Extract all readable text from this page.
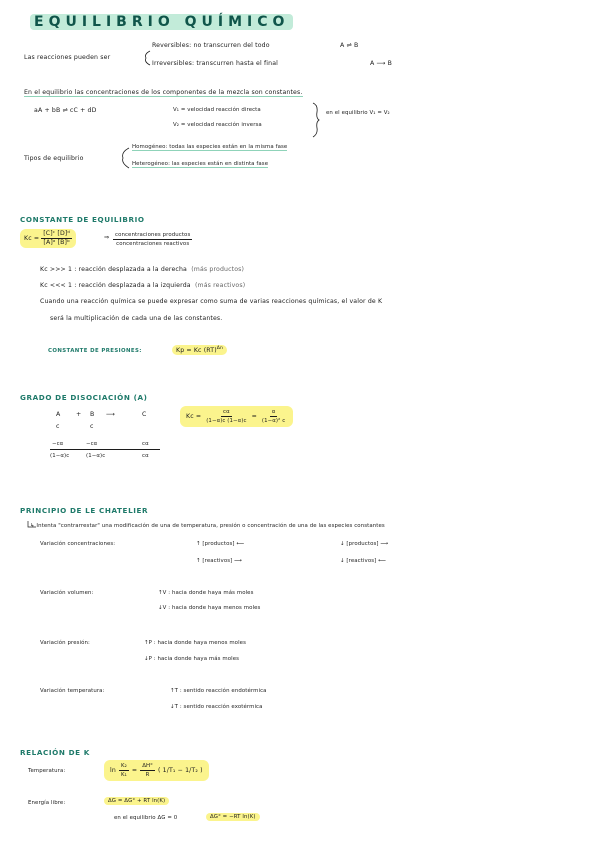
EQUILIBRIO QUÍMICO
Las reacciones pueden ser
Reversibles: no transcurren del todo	A ⇌ B
Irreversibles: transcurren hasta el final	A ⟶ B
En el equilibrio las concentraciones de los componentes de la mezcla son constantes.
aA + bB ⇌ cC + dD	V₁ = velocidad reacción directa
V₂ = velocidad reacción inversa
en el equilibrio V₁ = V₂
Tipos de equilibrio
Homogéneo: todas las especies están en la misma fase
Heterogéneo: las especies están en distinta fase
CONSTANTE DE EQUILIBRIO
$Kc = \frac{\text{[C]ᶜ [D]ᵈ}}{\text{[A]ᵃ [B]ᵇ}}$	⇒ $\frac{\text{concentraciones productos}}{\text{concentraciones reactivos}}$
Kc >>> 1 : reacción desplazada a la derecha (más productos)
Kc <<< 1 : reacción desplazada a la izquierda (más reactivos)
Cuando una reacción química se puede expresar como suma de varias reacciones químicas, el valor de K
será la multiplicación de cada una de las constantes.
CONSTANTE DE PRESIONES:	Kp = Kc (RT)$^{\Delta n}$
GRADO DE DISOCIACIÓN (Α)
A	+ B ⟶	C
c	c
−cα	−cα	cα
(1−α)c	(1−α)c	cα
$Kc = \frac{c\alpha}{(1-\alpha)c (1-\alpha)c} = \frac{\alpha}{\text{(1−α)² c}}$
PRINCIPIO DE LE CHATELIER
↳ Intenta "contrarrestar" una modificación de una de temperatura, presión o concentración de una de las especies constantes
Variación concentraciones:	↑ [productos] ⟵	↓ [productos] ⟶
↑ [reactivos] ⟶	↓ [reactivos] ⟵
Variación volumen:	↑V : hacia donde haya más moles
↓V : hacia donde haya menos moles
Variación presión:	↑P : hacia donde haya menos moles
↓P : hacia donde haya más moles
Variación temperatura:	↑T : sentido reacción endotérmica
↓T : sentido reacción exotérmica
RELACIÓN DE K
Temperatura:	$\ln \frac{\text{K₂}}{\text{K₁}} = \frac{\Delta H^\circ}{R}$ ( 1/T₁ − 1/T₂ )
Energía libre:	ΔG = ΔG° + RT ln(K)
en el equilibrio ΔG = 0	ΔG° = −RT ln(K)
